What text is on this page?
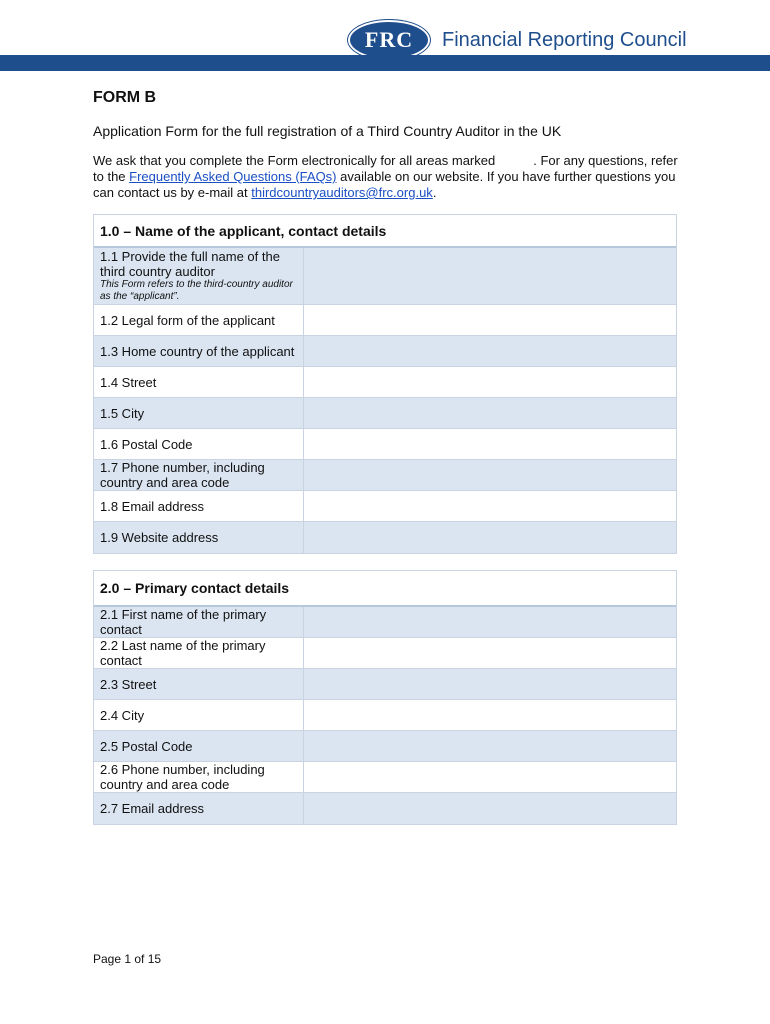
FRC	Financial Reporting Council
FORM B

Application Form for the full registration of a Third Country Auditor in the UK

We ask that you complete the Form electronically for all areas marked	. For any questions, refer to the Frequently Asked Questions (FAQs) available on our website. If you have further questions you can contact us by e-mail at thirdcountryauditors@frc.org.uk.

1.0 – Name of the applicant, contact details
1.1 Provide the full name of the third country auditor
This Form refers to the third-country auditor as the “applicant”.
1.2 Legal form of the applicant
1.3 Home country of the applicant
1.4 Street
1.5 City
1.6 Postal Code
1.7 Phone number, including country and area code
1.8 Email address
1.9 Website address
2.0 – Primary contact details
2.1 First name of the primary contact
2.2 Last name of the primary contact
2.3 Street
2.4 City
2.5 Postal Code
2.6 Phone number, including country and area code
2.7 Email address

Page 1 of 15
